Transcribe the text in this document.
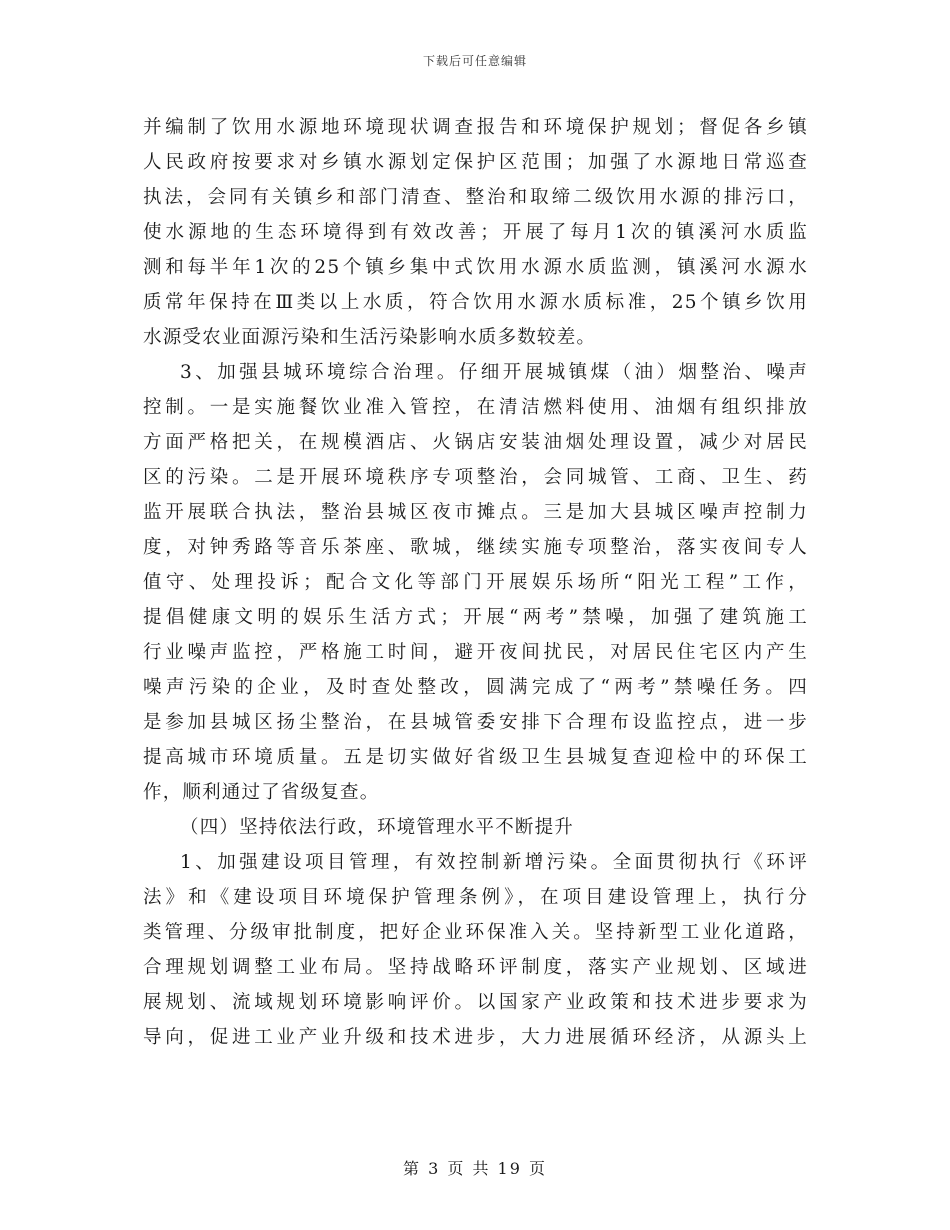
下载后可任意编辑
并编制了饮用水源地环境现状调查报告和环境保护规划；督促各乡镇
人民政府按要求对乡镇水源划定保护区范围；加强了水源地日常巡查
执法，会同有关镇乡和部门清查、整治和取缔二级饮用水源的排污口，
使水源地的生态环境得到有效改善；开展了每月1次的镇溪河水质监
测和每半年1次的25个镇乡集中式饮用水源水质监测，镇溪河水源水
质常年保持在Ⅲ类以上水质，符合饮用水源水质标准，25个镇乡饮用
水源受农业面源污染和生活污染影响水质多数较差。
3、加强县城环境综合治理。仔细开展城镇煤（油）烟整治、噪声
控制。一是实施餐饮业准入管控，在清洁燃料使用、油烟有组织排放
方面严格把关，在规模酒店、火锅店安装油烟处理设置，减少对居民
区的污染。二是开展环境秩序专项整治，会同城管、工商、卫生、药
监开展联合执法，整治县城区夜市摊点。三是加大县城区噪声控制力
度，对钟秀路等音乐茶座、歌城，继续实施专项整治，落实夜间专人
值守、处理投诉；配合文化等部门开展娱乐场所“阳光工程”工作，
提倡健康文明的娱乐生活方式；开展“两考”禁噪，加强了建筑施工
行业噪声监控，严格施工时间，避开夜间扰民，对居民住宅区内产生
噪声污染的企业，及时查处整改，圆满完成了“两考”禁噪任务。四
是参加县城区扬尘整治，在县城管委安排下合理布设监控点，进一步
提高城市环境质量。五是切实做好省级卫生县城复查迎检中的环保工
作，顺利通过了省级复查。
（四）坚持依法行政，环境管理水平不断提升
1、加强建设项目管理，有效控制新增污染。全面贯彻执行《环评
法》和《建设项目环境保护管理条例》，在项目建设管理上，执行分
类管理、分级审批制度，把好企业环保准入关。坚持新型工业化道路，
合理规划调整工业布局。坚持战略环评制度，落实产业规划、区域进
展规划、流域规划环境影响评价。以国家产业政策和技术进步要求为
导向，促进工业产业升级和技术进步，大力进展循环经济，从源头上
第 3 页 共 19 页
